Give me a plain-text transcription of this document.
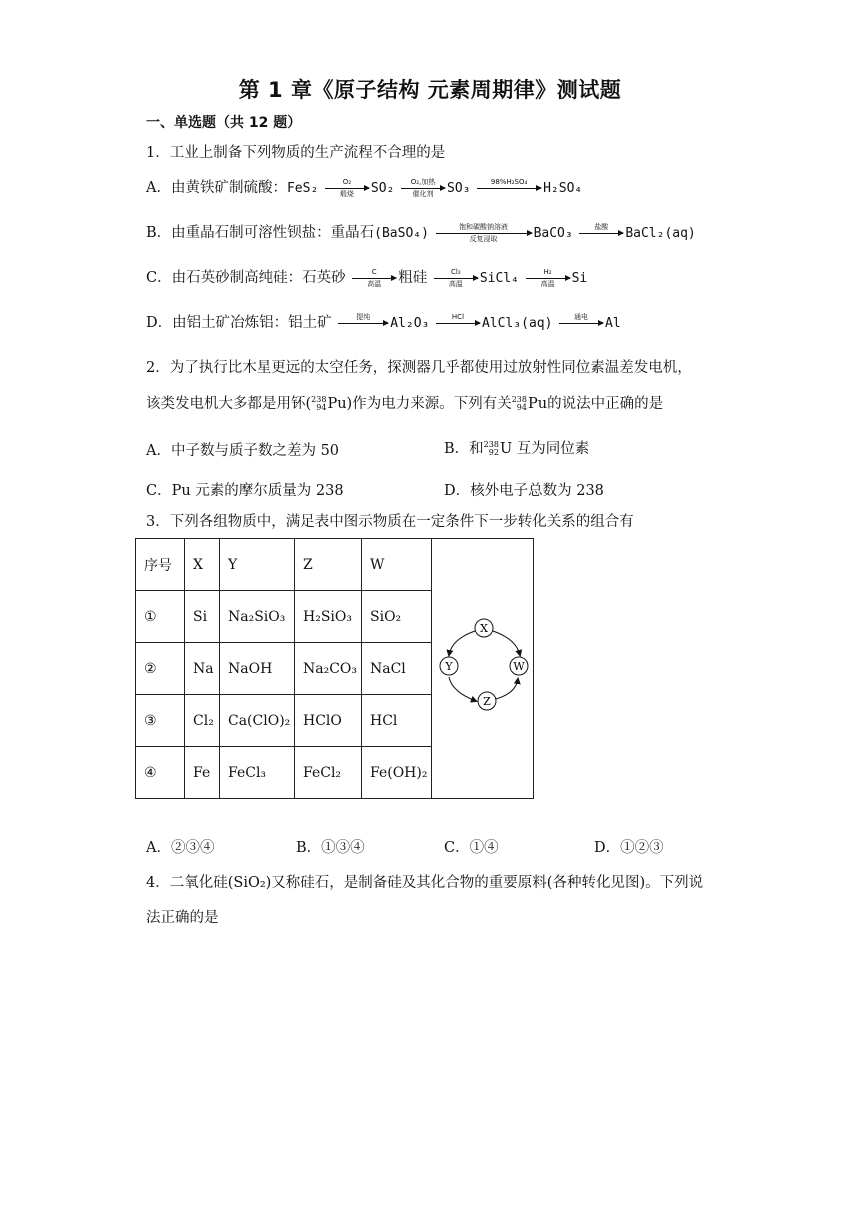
第 1 章《原子结构 元素周期律》测试题
一、单选题（共 12 题）
1．工业上制备下列物质的生产流程不合理的是
A．由黄铁矿制硫酸：FeS₂	O₂
煅烧	SO₂	O₂,加热
催化剂	SO₃	98%H₂SO₄	H₂SO₄
B．由重晶石制可溶性钡盐：重晶石(BaSO₄)	饱和碳酸钠溶液
反复浸取	BaCO₃	盐酸	BaCl₂(aq)
C．由石英砂制高纯硅：石英砂	C
高温	粗硅	Cl₂
高温	SiCl₄	H₂
高温	Si
D．由铝土矿冶炼铝：铝土矿	提纯	Al₂O₃	HCl	AlCl₃(aq)	通电	Al
2．为了执行比木星更远的太空任务，探测器几乎都使用过放射性同位素温差发电机，
该类发电机大多都是用钚(238
94Pu)作为电力来源。下列有关238
94Pu的说法中正确的是
A．中子数与质子数之差为 50	B．和238
92U 互为同位素
C．Pu 元素的摩尔质量为 238	D．核外电子总数为 238
3．下列各组物质中，满足表中图示物质在一定条件下一步转化关系的组合有
序号	X	Y	Z	W	
①	Si	Na₂SiO₃	H₂SiO₃	SiO₂	
②	Na	NaOH	Na₂CO₃	NaCl	
③	Cl₂	Ca(ClO)₂	HClO	HCl	
④	Fe	FeCl₃	FeCl₂	Fe(OH)₂	
X
Y
Z
W
A．②③④	B．①③④	C．①④	D．①②③
4．二氧化硅(SiO₂)又称硅石，是制备硅及其化合物的重要原料(各种转化见图)。下列说
法正确的是
